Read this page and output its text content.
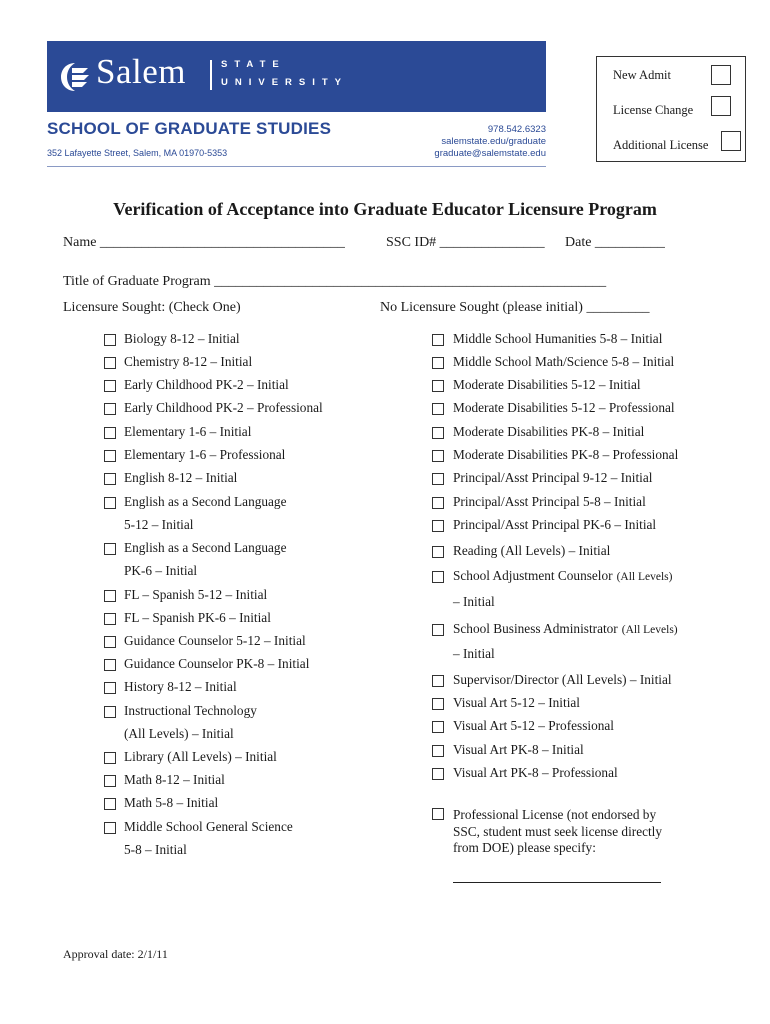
Salem	STATE
UNIVERSITY
SCHOOL OF GRADUATE STUDIES
352 Lafayette Street, Salem, MA 01970-5353
978.542.6323
salemstate.edu/graduate
graduate@salemstate.edu
New Admit
License Change
Additional License
Verification of Acceptance into Graduate Educator Licensure Program
Name ___________________________________	SSC ID# _______________ Date __________
Title of Graduate Program ________________________________________________________
Licensure Sought: (Check One)	No Licensure Sought (please initial) _________
Biology 8-12 – Initial
Chemistry 8-12 – Initial
Early Childhood PK-2 – Initial
Early Childhood PK-2 – Professional
Elementary 1-6 – Initial
Elementary 1-6 – Professional
English 8-12 – Initial
English as a Second Language
5-12 – Initial
English as a Second Language
PK-6 – Initial
FL – Spanish 5-12 – Initial
FL – Spanish PK-6 – Initial
Guidance Counselor 5-12 – Initial
Guidance Counselor PK-8 – Initial
History 8-12 – Initial
Instructional Technology
(All Levels) – Initial
Library (All Levels) – Initial
Math 8-12 – Initial
Math 5-8 – Initial
Middle School General Science
5-8 – Initial
Middle School Humanities 5-8 – Initial
Middle School Math/Science 5-8 – Initial
Moderate Disabilities 5-12 – Initial
Moderate Disabilities 5-12 – Professional
Moderate Disabilities PK-8 – Initial
Moderate Disabilities PK-8 – Professional
Principal/Asst Principal 9-12 – Initial
Principal/Asst Principal 5-8 – Initial
Principal/Asst Principal PK-6 – Initial
Reading (All Levels) – Initial
School Adjustment Counselor (All Levels)
– Initial
School Business Administrator (All Levels)
– Initial
Supervisor/Director (All Levels) – Initial
Visual Art 5-12 – Initial
Visual Art 5-12 – Professional
Visual Art PK-8 – Initial
Visual Art PK-8 – Professional
Professional License (not endorsed by
SSC, student must seek license directly
from DOE) please specify:
Approval date: 2/1/11
